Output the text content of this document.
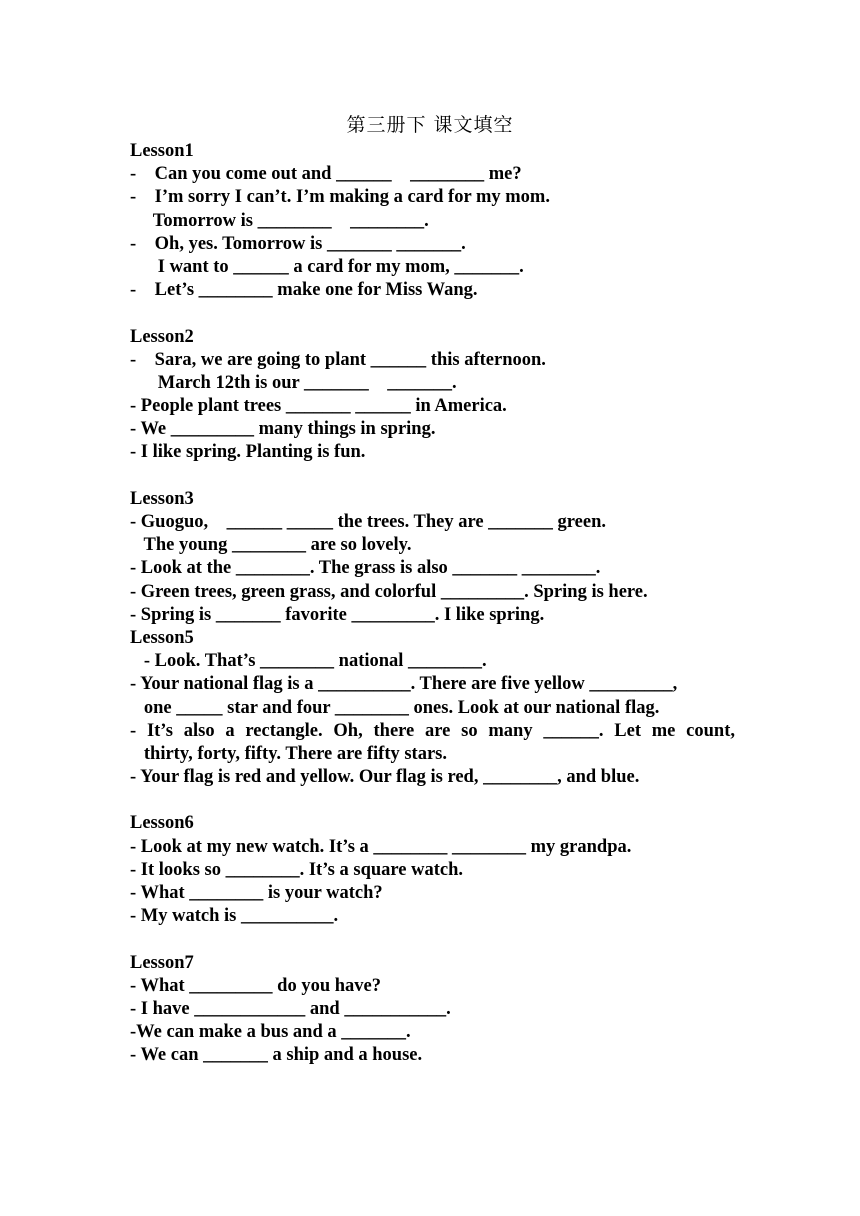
第三册下 课文填空
Lesson1
-    Can you come out and ______    ________ me?
-    I’m sorry I can’t. I’m making a card for my mom.
Tomorrow is ________    ________.
-    Oh, yes. Tomorrow is _______ _______.
I want to ______ a card for my mom, _______.
-    Let’s ________ make one for Miss Wang.
Lesson2
-    Sara, we are going to plant ______ this afternoon.
March 12th is our _______    _______.
- People plant trees _______ ______ in America.
- We _________ many things in spring.
- I like spring. Planting is fun.
Lesson3
- Guoguo,    ______ _____ the trees. They are _______ green.
The young ________ are so lovely.
- Look at the ________. The grass is also _______ ________.
- Green trees, green grass, and colorful _________. Spring is here.
- Spring is _______ favorite _________. I like spring.
Lesson5
- Look. That’s ________ national ________.
- Your national flag is a __________. There are five yellow _________,
one _____ star and four ________ ones. Look at our national flag.
- It’s also a rectangle. Oh, there are so many ______. Let me count,
thirty, forty, fifty. There are fifty stars.
- Your flag is red and yellow. Our flag is red, ________, and blue.
Lesson6
- Look at my new watch. It’s a ________ ________ my grandpa.
- It looks so ________. It’s a square watch.
- What ________ is your watch?
- My watch is __________.
Lesson7
- What _________ do you have?
- I have ____________ and ___________.
-We can make a bus and a _______.
- We can _______ a ship and a house.
